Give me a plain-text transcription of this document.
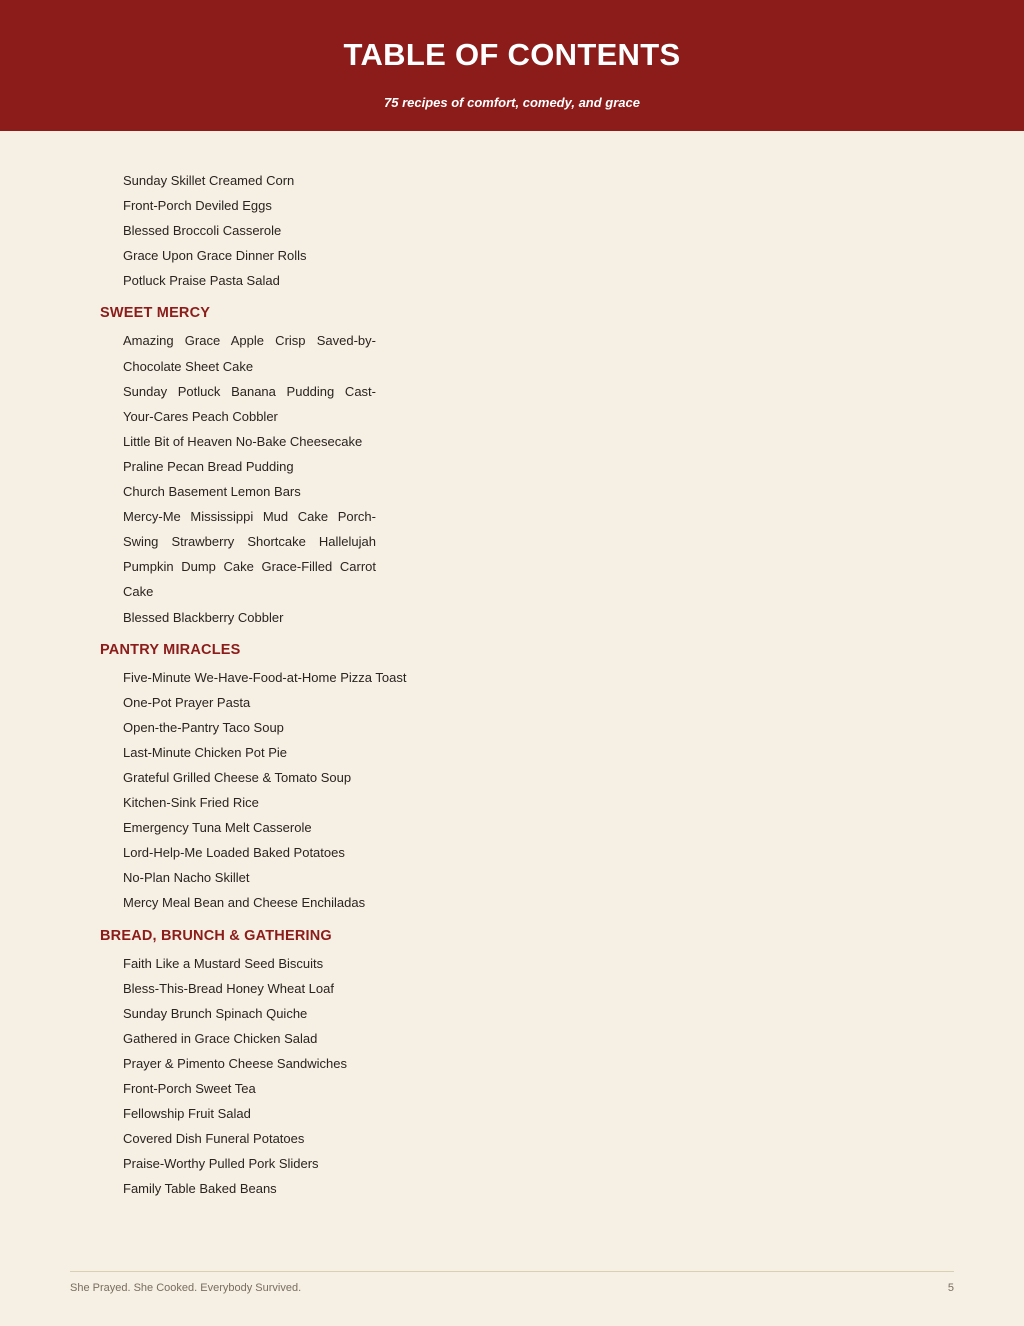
TABLE OF CONTENTS
75 recipes of comfort, comedy, and grace
Sunday Skillet Creamed Corn
Front-Porch Deviled Eggs
Blessed Broccoli Casserole
Grace Upon Grace Dinner Rolls
Potluck Praise Pasta Salad
SWEET MERCY
Amazing Grace Apple Crisp Saved-by-Chocolate Sheet Cake
Sunday Potluck Banana Pudding Cast-Your-Cares Peach Cobbler
Little Bit of Heaven No-Bake Cheesecake
Praline Pecan Bread Pudding
Church Basement Lemon Bars
Mercy-Me Mississippi Mud Cake Porch-Swing Strawberry Shortcake Hallelujah Pumpkin Dump Cake Grace-Filled Carrot Cake
Blessed Blackberry Cobbler
PANTRY MIRACLES
Five-Minute We-Have-Food-at-Home Pizza Toast
One-Pot Prayer Pasta
Open-the-Pantry Taco Soup
Last-Minute Chicken Pot Pie
Grateful Grilled Cheese & Tomato Soup
Kitchen-Sink Fried Rice
Emergency Tuna Melt Casserole
Lord-Help-Me Loaded Baked Potatoes
No-Plan Nacho Skillet
Mercy Meal Bean and Cheese Enchiladas
BREAD, BRUNCH & GATHERING
Faith Like a Mustard Seed Biscuits
Bless-This-Bread Honey Wheat Loaf
Sunday Brunch Spinach Quiche
Gathered in Grace Chicken Salad
Prayer & Pimento Cheese Sandwiches
Front-Porch Sweet Tea
Fellowship Fruit Salad
Covered Dish Funeral Potatoes
Praise-Worthy Pulled Pork Sliders
Family Table Baked Beans
She Prayed. She Cooked. Everybody Survived.	5
